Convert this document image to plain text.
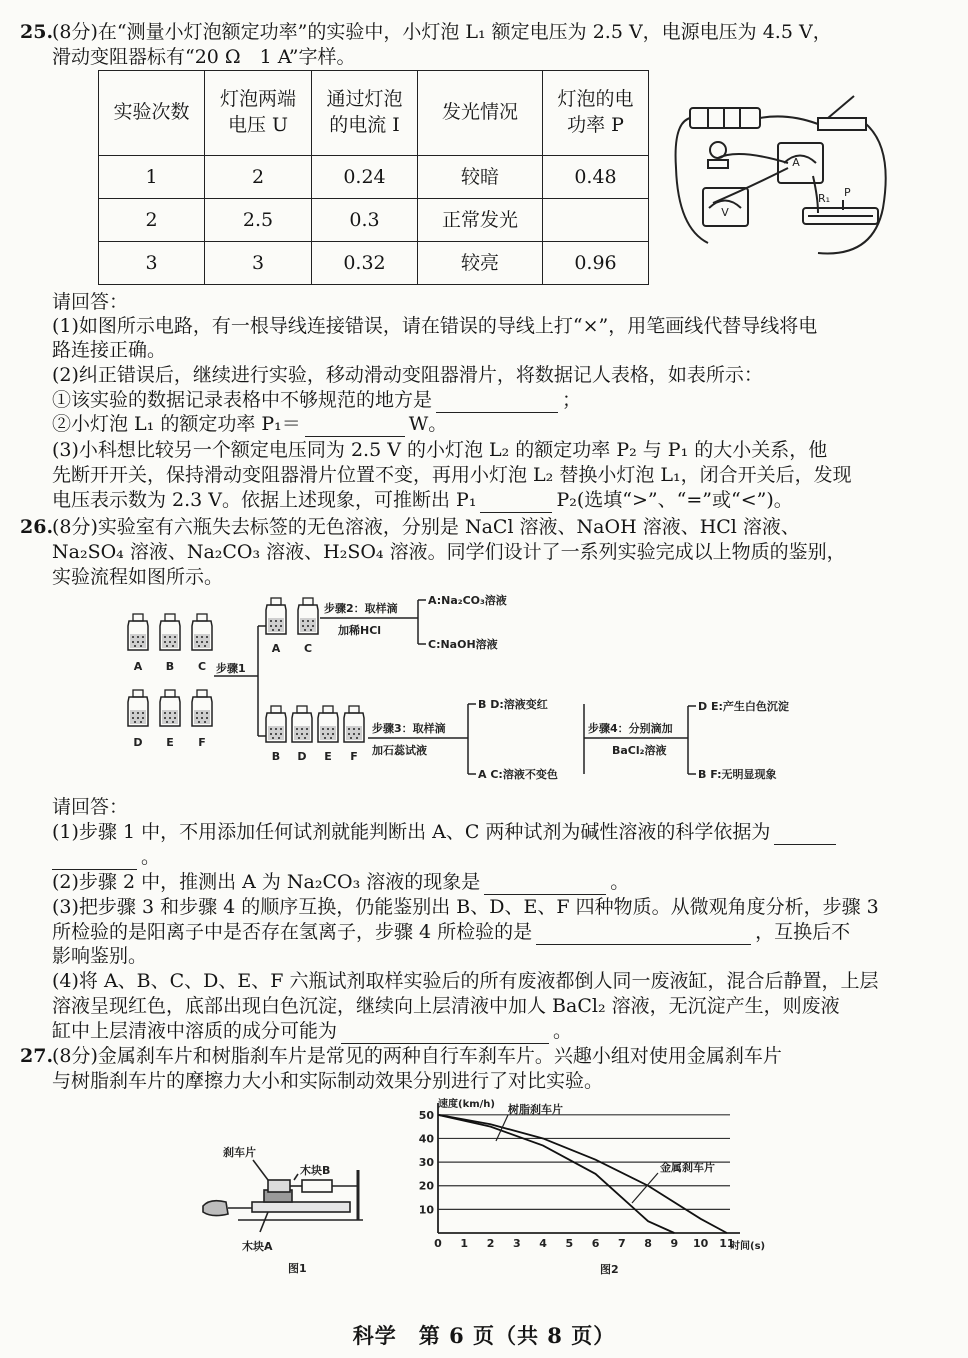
25.
(8分)在“测量小灯泡额定功率”的实验中，小灯泡 L₁ 额定电压为 2.5 V，电源电压为 4.5 V，
滑动变阻器标有“20 Ω　1 A”字样。
实验次数	灯泡两端
电压 U	通过灯泡
的电流 I	发光情况	灯泡的电
功率 P
1	2	0.24	较暗	0.48
2	2.5	0.3	正常发光	
3	3	0.32	较亮	0.96
A
V
R₁ P
请回答：
(1)如图所示电路，有一根导线连接错误，请在错误的导线上打“×”，用笔画线代替导线将电
路连接正确。
(2)纠正错误后，继续进行实验，移动滑动变阻器滑片，将数据记人表格，如表所示：
①该实验的数据记录表格中不够规范的地方是	；
②小灯泡 L₁ 的额定功率 P₁＝	W。
(3)小科想比较另一个额定电压同为 2.5 V 的小灯泡 L₂ 的额定功率 P₂ 与 P₁ 的大小关系，他
先断开开关，保持滑动变阻器滑片位置不变，再用小灯泡 L₂ 替换小灯泡 L₁，闭合开关后，发现
电压表示数为 2.3 V。依据上述现象，可推断出 P₁	P₂(选填“>”、“=”或“<”)。
26.
(8分)实验室有六瓶失去标签的无色溶液，分别是 NaCl 溶液、NaOH 溶液、HCl 溶液、
Na₂SO₄ 溶液、Na₂CO₃ 溶液、H₂SO₄ 溶液。同学们设计了一系列实验完成以上物质的鉴别，
实验流程如图所示。
A B C
D E F
步骤1
A C
步骤2：取样滴
加稀HCl
A:Na₂CO₃溶液
C:NaOH溶液
B D E F
步骤3：取样滴
加石蕊试液
B D:溶液变红
A C:溶液不变色
步骤4：分别滴加
BaCl₂溶液
D E:产生白色沉淀
B F:无明显现象
请回答：
(1)步骤 1 中，不用添加任何试剂就能判断出 A、C 两种试剂为碱性溶液的科学依据为
。
(2)步骤 2 中，推测出 A 为 Na₂CO₃ 溶液的现象是	。
(3)把步骤 3 和步骤 4 的顺序互换，仍能鉴别出 B、D、E、F 四种物质。从微观角度分析，步骤 3
所检验的是阳离子中是否存在氢离子，步骤 4 所检验的是	，互换后不
影响鉴别。
(4)将 A、B、C、D、E、F 六瓶试剂取样实验后的所有废液都倒人同一废液缸，混合后静置，上层
溶液呈现红色，底部出现白色沉淀，继续向上层清液中加人 BaCl₂ 溶液，无沉淀产生，则废液
缸中上层清液中溶质的成分可能为	。
27.
(8分)金属刹车片和树脂刹车片是常见的两种自行车刹车片。兴趣小组对使用金属刹车片
与树脂刹车片的摩擦力大小和实际制动效果分别进行了对比实验。
刹车片
木块B
木块A
图1
10
20
30
40
50
0 1 2 3 4 5 6 7 8 9 10 11
速度(km/h)
时间(s)
树脂刹车片
金属刹车片
图2
科学　第 6 页（共 8 页）
